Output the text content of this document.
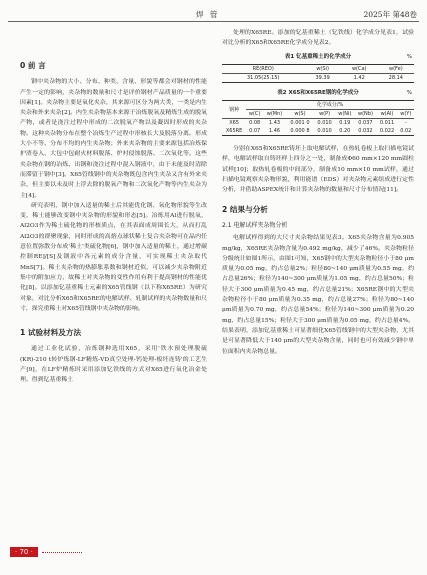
焊 管	2025年 第48卷

0 前 言

钢中夹杂物的大小、分布、种类、含量、形貌等都会对钢材的性能产生一定的影响，夹杂物的数量和尺寸是评价钢材产品质量的一个重要因素[1]。夹杂物主要是氧化夹杂，其来源可区分为两大类，一类是内生夹杂和外来夹杂[2]。内生夹杂物基本来源于冶炼脱氧及精炼生成的脱氧产物，或者是浇注过程中形成的二次脱氧产物以及凝固时形成的夹杂物。这种夹杂物分布在整个冶炼生产过程中形核长大及脱落分离。形成大小不等、分布不均的内生夹杂物；外来夹杂物的主要来源包括冶炼保护渣卷入、大包中包耐火材料脱落、炉衬侵蚀脱落、二次氧化等。这些夹杂物在钢的冶炼、出钢和浇注过程中混入钢液中，由于未能及时清除而滞留于钢中[3]。X65管线钢中的夹杂物既包含内生夹杂又含有外来夹杂，但主要以未及时上浮去除的脱氧产物和二次氧化产物等内生夹杂为主[4]。

研究表明，钢中加入适量的稀土后其能优化钢、氧化物形貌等生改变，稀土能够改变钢中夹杂物的形貌和形态[5]。冶炼用Al进行脱氧，Al2O3作为稀土硫化物的形核质点，在其表面成周围长大，从而打乱Al2O3的群聚现象，同时形成的高熔点球状稀土复合夹杂物可在晶内任意位置弥散分布成'稀土'类硫化物[6]，钢中加入适量的稀土，通过增碳控制RE]/[S]及钢液中各元素的成分含量，可实现稀土夹杂取代MnS[7]。稀土夹杂物的热膨胀系数和钢材近似，可以减少夹杂物附近集中的附加应力，故稀土对夹杂物的变性作用有利于提高钢材的性能优化[8]。以添加钇基重稀土元素的X65管线钢（以下称X65RE）为研究对象，对比分析X65和X65RE的电解试样、轧制试样的夹杂物数量和尺寸，探究重稀土对X65管线钢中夹杂物的影响。

1 试验材料及方法

通过工业化试验，冶炼钢种选用X65，采用'铁水预处理脱硫(KR)-210 t转炉炼钢-LF精炼-VD真空处理-钙处理-板坯连铸'的工艺生产[9]，在LF炉精炼时采用添加钇铁线的方式对X65进行氧化冶金处理。得到钇基重稀土

处理的X65RE。添加的钇基重稀土（钇铁线）化学成分见表1，试验对比分析的X65和X65RE化学成分见表2。

表1 钇基重稀土的化学成分	%
RE(REO)	w(Si)	w(Ca)	w(Fe)
31.05(25.15)	39.39	1.42	28.14
表2 X65和X65RE钢的化学成分	%
钢种	化学成分/%							
	w(C)	w(Mn)	w(S)	w(P)	w(Ni)	w(Nb)	w(Al)	w(Y)
X65	0.08	1.43	0.001 0	0.010	0.19	0.037	0.011	-
X65RE	0.07	1.46	0.000 8	0.010	0.20	0.032	0.022	0.02

分别在X65和X65RE铸坯上取电解试样，在热轧卷板上取扫描电镜试样，电解试样取自铸坯样上四分之一处，制备成Φ60 mm×120 mm圆柱试样[10]；取热轧卷板的中间部分，制备成10 mm×10 mm试样，通过扫描电镜观察夹杂物形貌，利用能谱（EDS）对夹杂物元素组成进行定性分析，并借助ASPEX统计和计算夹杂物的数量和尺寸分布情况[11]。

2 结果与分析

2.1 电解试样夹杂物分析

电解试样得到的大尺寸夹杂物结果见表3。X65夹杂物含量为0.905 mg/kg，X65RE夹杂物含量为0.492 mg/kg，减少了46%。夹杂物粒径分级统计如图1所示，由图1可知，X65钢中的大型夹杂物粒径小于80 μm质量为0.05 mg，约占总量2%；粒径80~140 μm质量为0.55 mg，约占总量26%；粒径为140~300 μm质量为1.05 mg，约占总量50%；粒径大于300 μm质量为0.45 mg，约占总量21%；X65RE钢中的大型夹杂物粒径小于80 μm质量为0.35 mg，约占总量27%；粒径为80~140 μm质量为0.70 mg，约占总量54%；粒径为140~300 μm质量为0.20 mg，约占总量15%；粒径大于300 μm质量为0.05 mg，约占总量4%。结果表明，添加钇基重稀土可显著细化X65管线钢中的大型夹杂物，尤其是可显著降低大于140 μm的大型夹杂物含量，同时也可有效减少钢中单位面积内夹杂物总量。

· 70 ·
